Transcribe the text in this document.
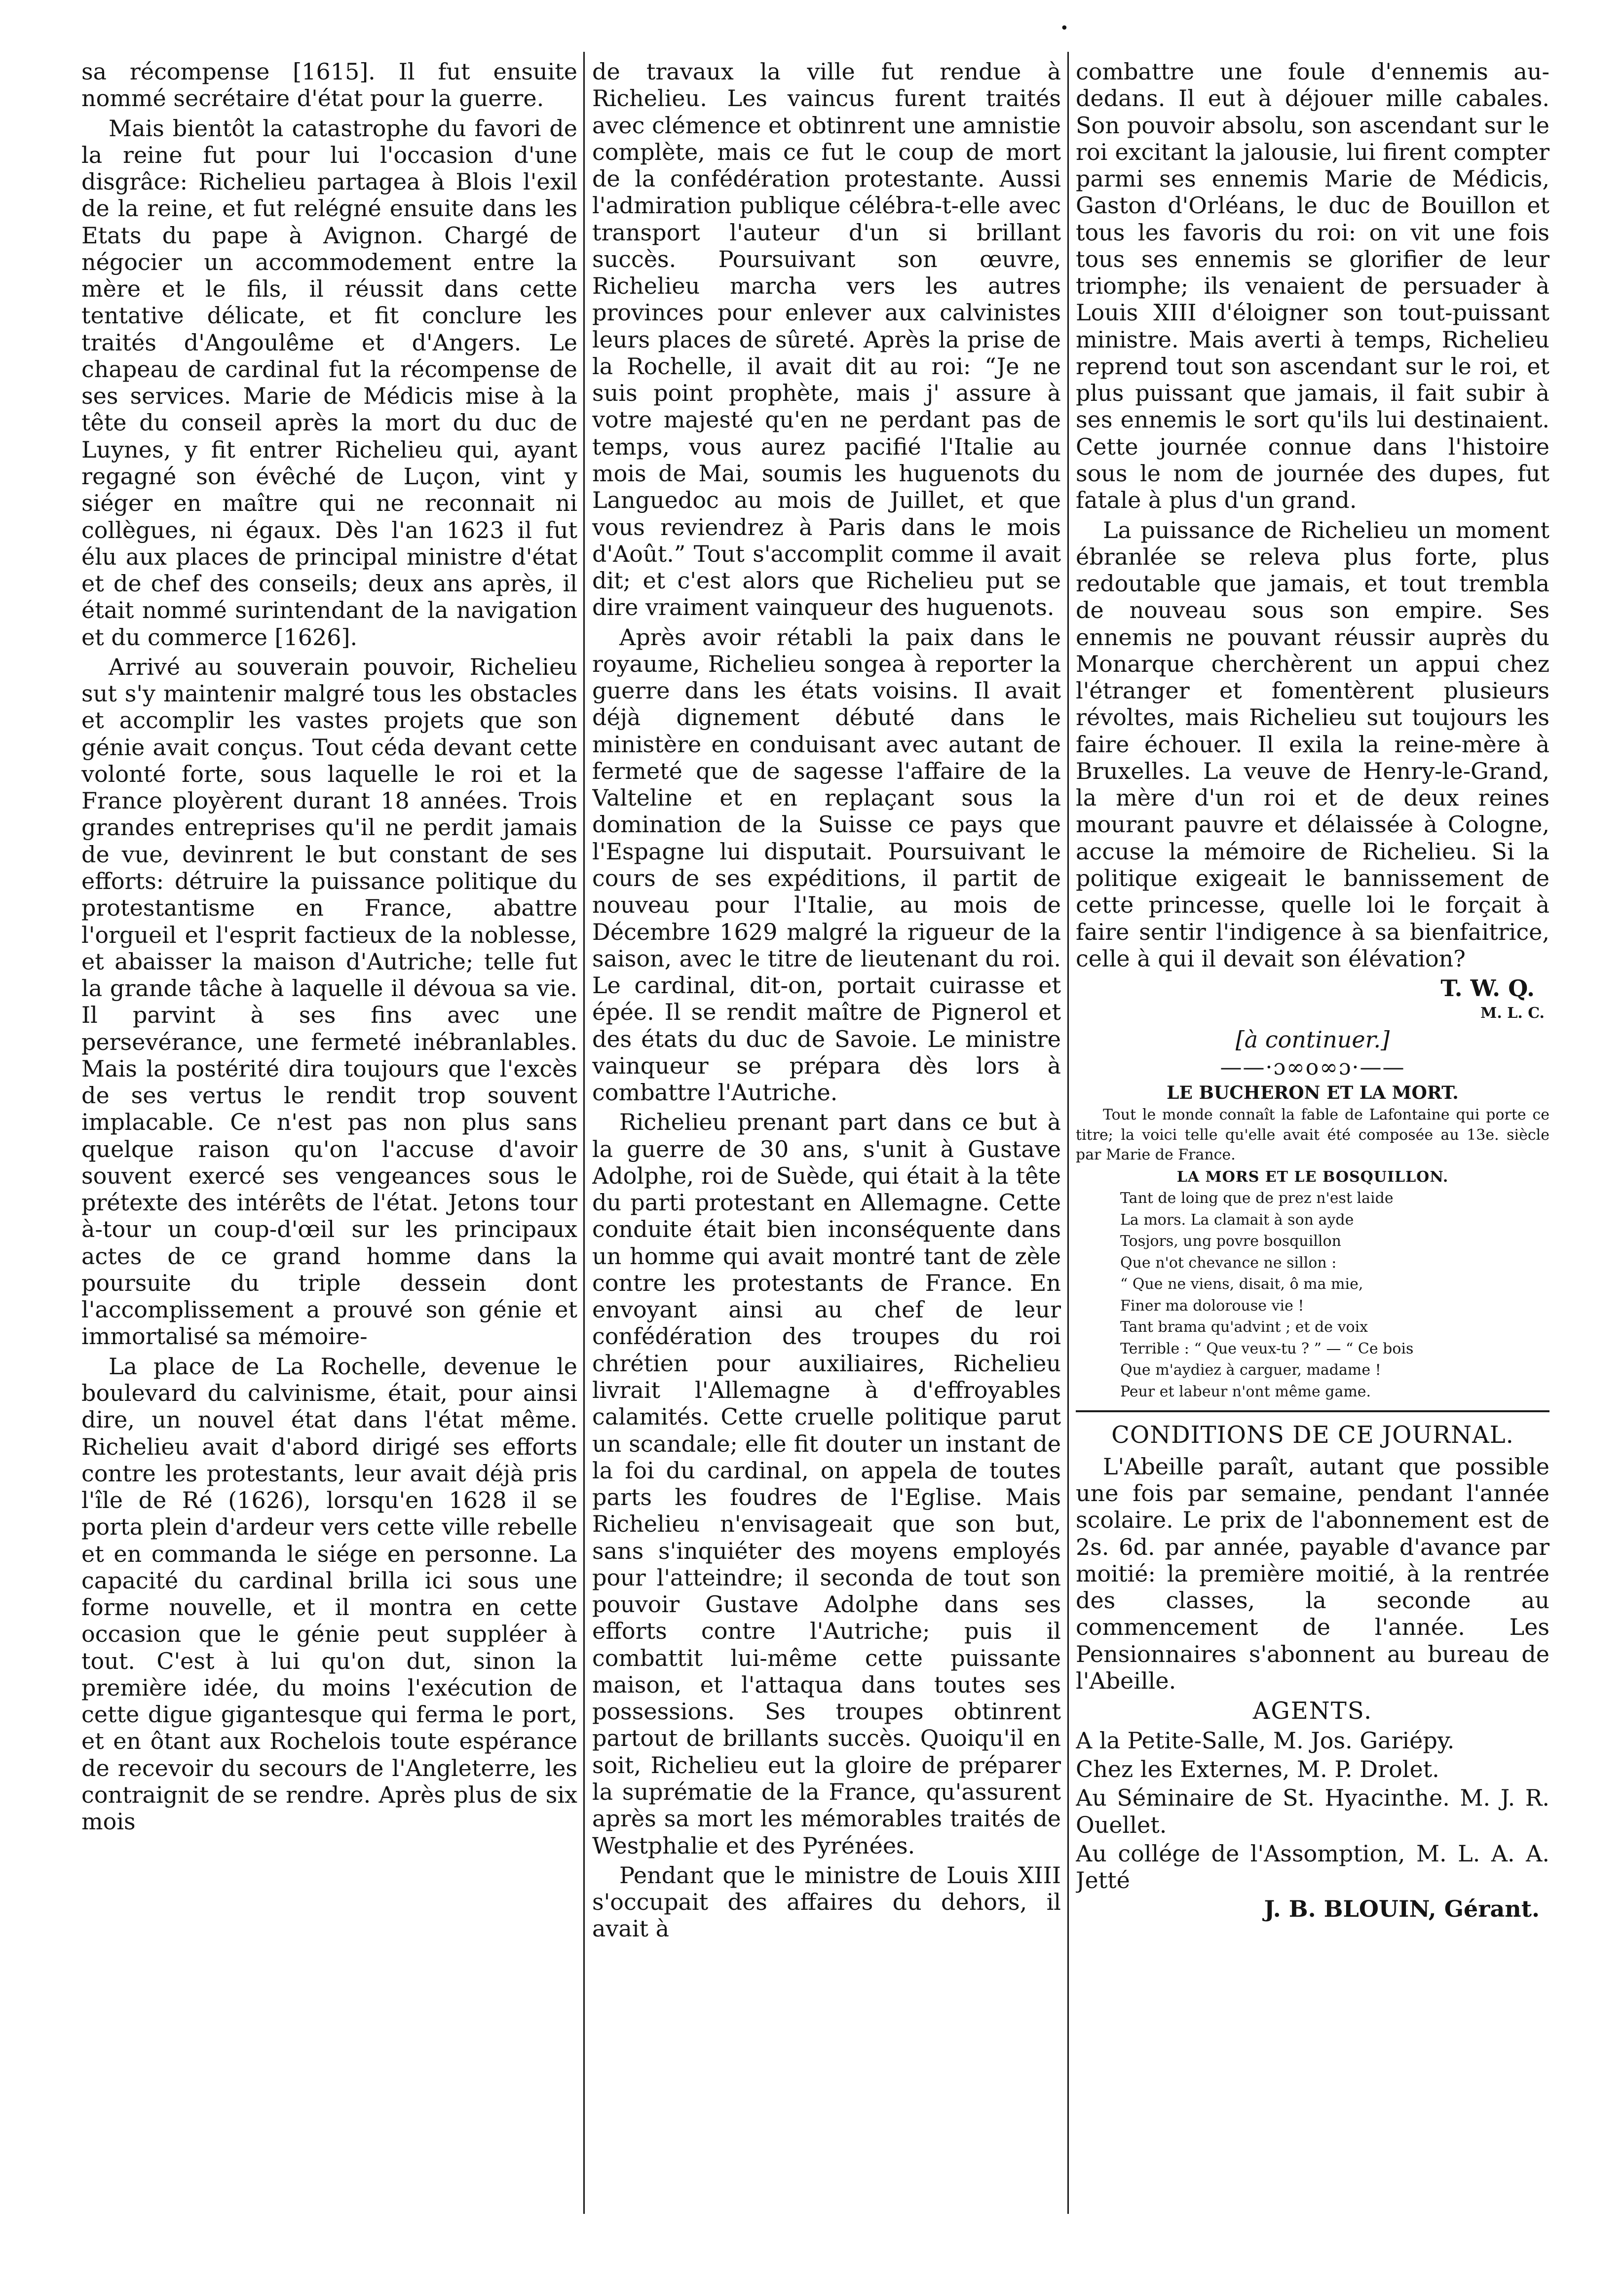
•

sa récompense [1615]. Il fut ensuite nommé secrétaire d'état pour la guerre.

Mais bientôt la catastrophe du favori de la reine fut pour lui l'occasion d'une disgrâce: Richelieu partagea à Blois l'exil de la reine, et fut relégné ensuite dans les Etats du pape à Avignon. Chargé de négocier un accommodement entre la mère et le fils, il réussit dans cette tentative délicate, et fit conclure les traités d'Angoulême et d'Angers. Le chapeau de cardinal fut la récompense de ses services. Marie de Médicis mise à la tête du conseil après la mort du duc de Luynes, y fit entrer Richelieu qui, ayant regagné son évêché de Luçon, vint y siéger en maître qui ne reconnait ni collègues, ni égaux. Dès l'an 1623 il fut élu aux places de principal ministre d'état et de chef des conseils; deux ans après, il était nommé surintendant de la navigation et du commerce [1626].

Arrivé au souverain pouvoir, Richelieu sut s'y maintenir malgré tous les obstacles et accomplir les vastes projets que son génie avait conçus. Tout céda devant cette volonté forte, sous laquelle le roi et la France ployèrent durant 18 années. Trois grandes entreprises qu'il ne perdit jamais de vue, devinrent le but constant de ses efforts: détruire la puissance politique du protestantisme en France, abattre l'orgueil et l'esprit factieux de la noblesse, et abaisser la maison d'Autriche; telle fut la grande tâche à laquelle il dévoua sa vie. Il parvint à ses fins avec une persevérance, une fermeté inébranlables. Mais la postérité dira toujours que l'excès de ses vertus le rendit trop souvent implacable. Ce n'est pas non plus sans quelque raison qu'on l'accuse d'avoir souvent exercé ses vengeances sous le prétexte des intérêts de l'état. Jetons tour à-tour un coup-d'œil sur les principaux actes de ce grand homme dans la poursuite du triple dessein dont l'accomplissement a prouvé son génie et immortalisé sa mémoire-

La place de La Rochelle, devenue le boulevard du calvinisme, était, pour ainsi dire, un nouvel état dans l'état même. Richelieu avait d'abord dirigé ses efforts contre les protestants, leur avait déjà pris l'île de Ré (1626), lorsqu'en 1628 il se porta plein d'ardeur vers cette ville rebelle et en commanda le siége en personne. La capacité du cardinal brilla ici sous une forme nouvelle, et il montra en cette occasion que le génie peut suppléer à tout. C'est à lui qu'on dut, sinon la première idée, du moins l'exécution de cette digue gigantesque qui ferma le port, et en ôtant aux Rochelois toute espérance de recevoir du secours de l'Angleterre, les contraignit de se rendre. Après plus de six mois

de travaux la ville fut rendue à Richelieu. Les vaincus furent traités avec clémence et obtinrent une amnistie complète, mais ce fut le coup de mort de la confédération protestante. Aussi l'admiration publique célébra-t-elle avec transport l'auteur d'un si brillant succès. Poursuivant son œuvre, Richelieu marcha vers les autres provinces pour enlever aux calvinistes leurs places de sûreté. Après la prise de la Rochelle, il avait dit au roi: “Je ne suis point prophète, mais j' assure à votre majesté qu'en ne perdant pas de temps, vous aurez pacifié l'Italie au mois de Mai, soumis les huguenots du Languedoc au mois de Juillet, et que vous reviendrez à Paris dans le mois d'Août.” Tout s'accomplit comme il avait dit; et c'est alors que Richelieu put se dire vraiment vainqueur des huguenots.

Après avoir rétabli la paix dans le royaume, Richelieu songea à reporter la guerre dans les états voisins. Il avait déjà dignement débuté dans le ministère en conduisant avec autant de fermeté que de sagesse l'affaire de la Valteline et en replaçant sous la domination de la Suisse ce pays que l'Espagne lui disputait. Poursuivant le cours de ses expéditions, il partit de nouveau pour l'Italie, au mois de Décembre 1629 malgré la rigueur de la saison, avec le titre de lieutenant du roi. Le cardinal, dit-on, portait cuirasse et épée. Il se rendit maître de Pignerol et des états du duc de Savoie. Le ministre vainqueur se prépara dès lors à combattre l'Autriche.

Richelieu prenant part dans ce but à la guerre de 30 ans, s'unit à Gustave Adolphe, roi de Suède, qui était à la tête du parti protestant en Allemagne. Cette conduite était bien inconséquente dans un homme qui avait montré tant de zèle contre les protestants de France. En envoyant ainsi au chef de leur confédération des troupes du roi chrétien pour auxiliaires, Richelieu livrait l'Allemagne à d'effroyables calamités. Cette cruelle politique parut un scandale; elle fit douter un instant de la foi du cardinal, on appela de toutes parts les foudres de l'Eglise. Mais Richelieu n'envisageait que son but, sans s'inquiéter des moyens employés pour l'atteindre; il seconda de tout son pouvoir Gustave Adolphe dans ses efforts contre l'Autriche; puis il combattit lui-même cette puissante maison, et l'attaqua dans toutes ses possessions. Ses troupes obtinrent partout de brillants succès. Quoiqu'il en soit, Richelieu eut la gloire de préparer la suprématie de la France, qu'assurent après sa mort les mémorables traités de Westphalie et des Pyrénées.

Pendant que le ministre de Louis XIII s'occupait des affaires du dehors, il avait à

combattre une foule d'ennemis au-dedans. Il eut à déjouer mille cabales. Son pouvoir absolu, son ascendant sur le roi excitant la jalousie, lui firent compter parmi ses ennemis Marie de Médicis, Gaston d'Orléans, le duc de Bouillon et tous les favoris du roi: on vit une fois tous ses ennemis se glorifier de leur triomphe; ils venaient de persuader à Louis XIII d'éloigner son tout-puissant ministre. Mais averti à temps, Richelieu reprend tout son ascendant sur le roi, et plus puissant que jamais, il fait subir à ses ennemis le sort qu'ils lui destinaient. Cette journée connue dans l'histoire sous le nom de journée des dupes, fut fatale à plus d'un grand.

La puissance de Richelieu un moment ébranlée se releva plus forte, plus redoutable que jamais, et tout trembla de nouveau sous son empire. Ses ennemis ne pouvant réussir auprès du Monarque cherchèrent un appui chez l'étranger et fomentèrent plusieurs révoltes, mais Richelieu sut toujours les faire échouer. Il exila la reine-mère à Bruxelles. La veuve de Henry-le-Grand, la mère d'un roi et de deux reines mourant pauvre et délaissée à Cologne, accuse la mémoire de Richelieu. Si la politique exigeait le bannissement de cette princesse, quelle loi le forçait à faire sentir l'indigence à sa bienfaitrice, celle à qui il devait son élévation?

T. W. Q.
M. L. C.
[à continuer.]
——·ɔ∞о∞ɔ·——
LE BUCHERON ET LA MORT.

Tout le monde connaît la fable de Lafontaine qui porte ce titre; la voici telle qu'elle avait été composée au 13e. siècle par Marie de France.

LA MORS ET LE BOSQUILLON.
Tant de loing que de prez n'est laide
La mors. La clamait à son ayde
Tosjors, ung povre bosquillon
Que n'ot chevance ne sillon :
“ Que ne viens, disait, ô ma mie,
Finer ma dolorouse vie !
Tant brama qu'advint ; et de voix
Terrible : “ Que veux-tu ? ” — “ Ce bois
Que m'aydiez à carguer, madame !
Peur et labeur n'ont même game.
CONDITIONS DE CE JOURNAL.

L'Abeille paraît, autant que possible une fois par semaine, pendant l'année scolaire. Le prix de l'abonnement est de 2s. 6d. par année, payable d'avance par moitié: la première moitié, à la rentrée des classes, la seconde au commencement de l'année. Les Pensionnaires s'abonnent au bureau de l'Abeille.

AGENTS.

A la Petite-Salle, M. Jos. Gariépy.

Chez les Externes, M. P. Drolet.

Au Séminaire de St. Hyacinthe. M. J. R. Ouellet.

Au collége de l'Assomption, M. L. A. A. Jetté

J. B. BLOUIN, Gérant.
